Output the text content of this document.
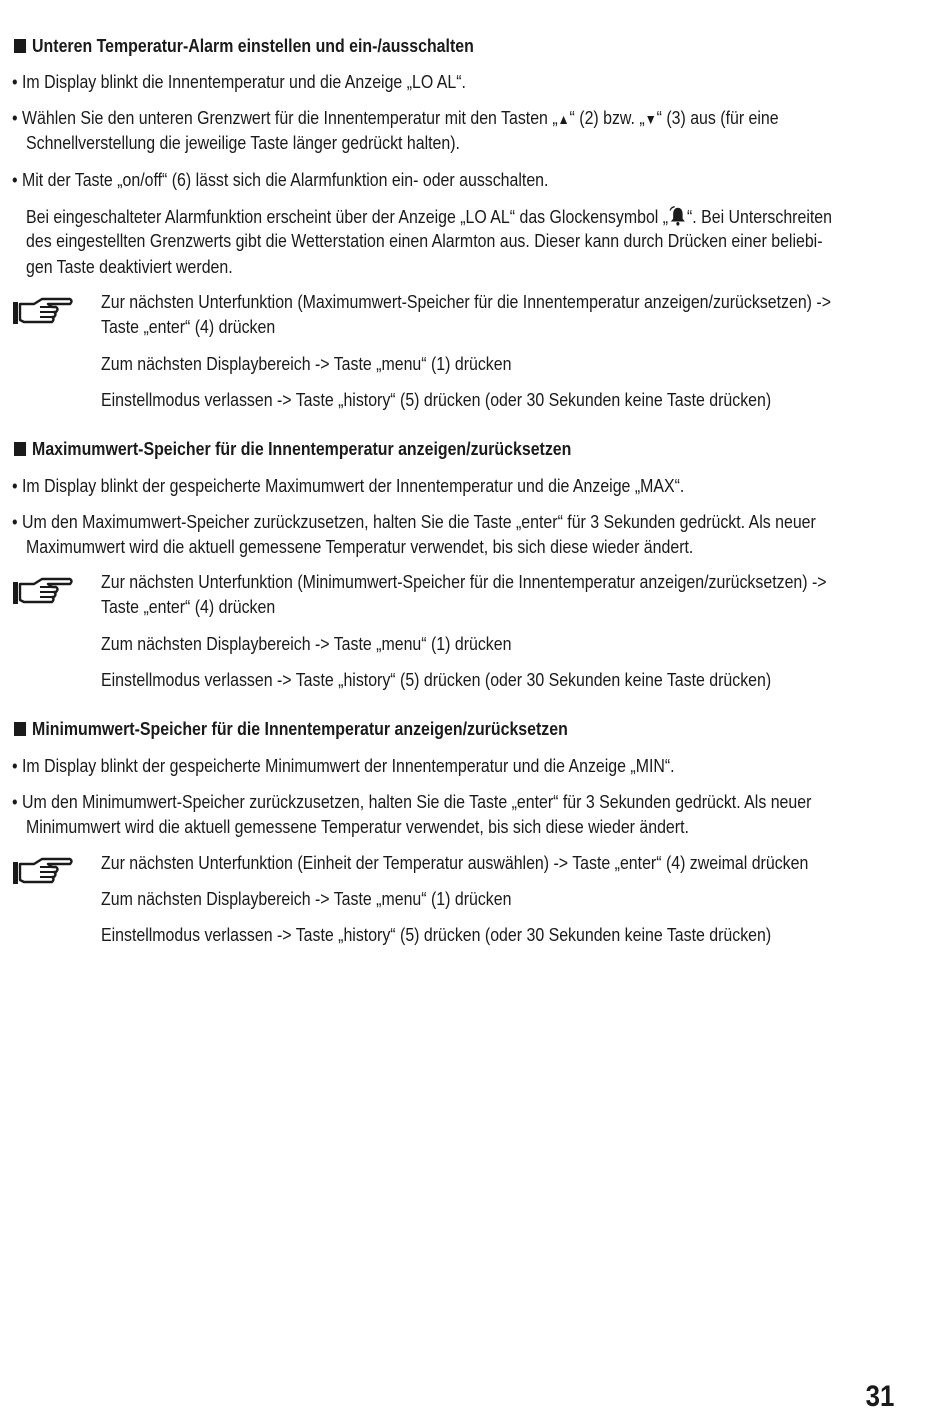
Unteren Temperatur-Alarm einstellen und ein-/ausschalten
• Im Display blinkt die Innentemperatur und die Anzeige „LO AL“.
• Wählen Sie den unteren Grenzwert für die Innentemperatur mit den Tasten „▲“ (2) bzw. „▼“ (3) aus (für eine
Schnellverstellung die jeweilige Taste länger gedrückt halten).
• Mit der Taste „on/off“ (6) lässt sich die Alarmfunktion ein- oder ausschalten.
Bei eingeschalteter Alarmfunktion erscheint über der Anzeige „LO AL“ das Glockensymbol „ “. Bei Unterschreiten
des eingestellten Grenzwerts gibt die Wetterstation einen Alarmton aus. Dieser kann durch Drücken einer beliebi-
gen Taste deaktiviert werden.
Zur nächsten Unterfunktion (Maximumwert-Speicher für die Innentemperatur anzeigen/zurücksetzen) ->
Taste „enter“ (4) drücken
Zum nächsten Displaybereich -> Taste „menu“ (1) drücken
Einstellmodus verlassen -> Taste „history“ (5) drücken (oder 30 Sekunden keine Taste drücken)
Maximumwert-Speicher für die Innentemperatur anzeigen/zurücksetzen
• Im Display blinkt der gespeicherte Maximumwert der Innentemperatur und die Anzeige „MAX“.
• Um den Maximumwert-Speicher zurückzusetzen, halten Sie die Taste „enter“ für 3 Sekunden gedrückt. Als neuer
Maximumwert wird die aktuell gemessene Temperatur verwendet, bis sich diese wieder ändert.
Zur nächsten Unterfunktion (Minimumwert-Speicher für die Innentemperatur anzeigen/zurücksetzen) ->
Taste „enter“ (4) drücken
Zum nächsten Displaybereich -> Taste „menu“ (1) drücken
Einstellmodus verlassen -> Taste „history“ (5) drücken (oder 30 Sekunden keine Taste drücken)
Minimumwert-Speicher für die Innentemperatur anzeigen/zurücksetzen
• Im Display blinkt der gespeicherte Minimumwert der Innentemperatur und die Anzeige „MIN“.
• Um den Minimumwert-Speicher zurückzusetzen, halten Sie die Taste „enter“ für 3 Sekunden gedrückt. Als neuer
Minimumwert wird die aktuell gemessene Temperatur verwendet, bis sich diese wieder ändert.
Zur nächsten Unterfunktion (Einheit der Temperatur auswählen) -> Taste „enter“ (4) zweimal drücken
Zum nächsten Displaybereich -> Taste „menu“ (1) drücken
Einstellmodus verlassen -> Taste „history“ (5) drücken (oder 30 Sekunden keine Taste drücken)
31
